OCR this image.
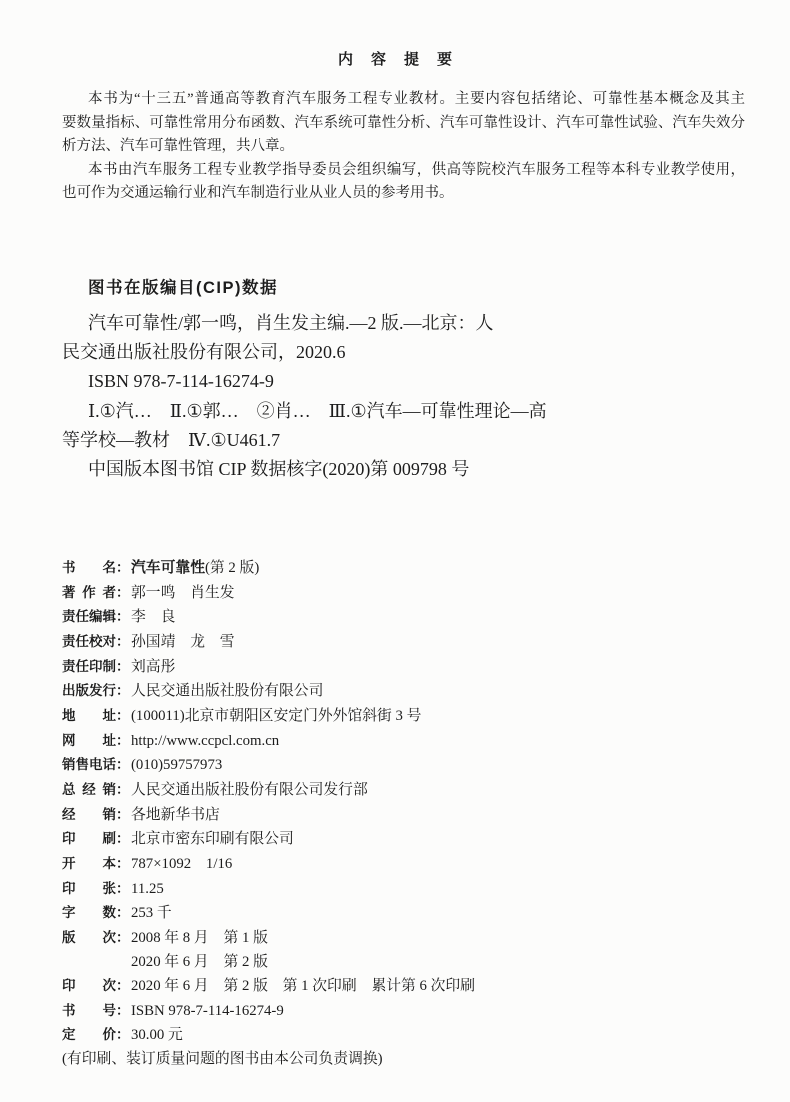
内容提要
本书为“十三五”普通高等教育汽车服务工程专业教材。主要内容包括绪论、可靠性基本概念及其主
要数量指标、可靠性常用分布函数、汽车系统可靠性分析、汽车可靠性设计、汽车可靠性试验、汽车失效分
析方法、汽车可靠性管理，共八章。
本书由汽车服务工程专业教学指导委员会组织编写，供高等院校汽车服务工程等本科专业教学使用，
也可作为交通运输行业和汽车制造行业从业人员的参考用书。
图书在版编目(CIP)数据
汽车可靠性/郭一鸣，肖生发主编.—2 版.—北京：人
民交通出版社股份有限公司，2020.6
ISBN 978-7-114-16274-9
Ⅰ.①汽…　Ⅱ.①郭…　②肖…　Ⅲ.①汽车—可靠性理论—高
等学校—教材　Ⅳ.①U461.7
中国版本图书馆 CIP 数据核字(2020)第 009798 号
书 名： 汽车可靠性(第 2 版)
著 作 者： 郭一鸣　肖生发
责任编辑： 李　良
责任校对： 孙国靖　龙　雪
责任印制： 刘高彤
出版发行： 人民交通出版社股份有限公司
地 址： (100011)北京市朝阳区安定门外外馆斜街 3 号
网 址： http://www.ccpcl.com.cn
销售电话： (010)59757973
总 经 销： 人民交通出版社股份有限公司发行部
经 销： 各地新华书店
印 刷： 北京市密东印刷有限公司
开 本： 787×1092　1/16
印 张： 11.25
字 数： 253 千
版 次： 2008 年 8 月　第 1 版
2020 年 6 月　第 2 版
印 次： 2020 年 6 月　第 2 版　第 1 次印刷　累计第 6 次印刷
书 号： ISBN 978-7-114-16274-9
定 价： 30.00 元
(有印刷、装订质量问题的图书由本公司负责调换)
